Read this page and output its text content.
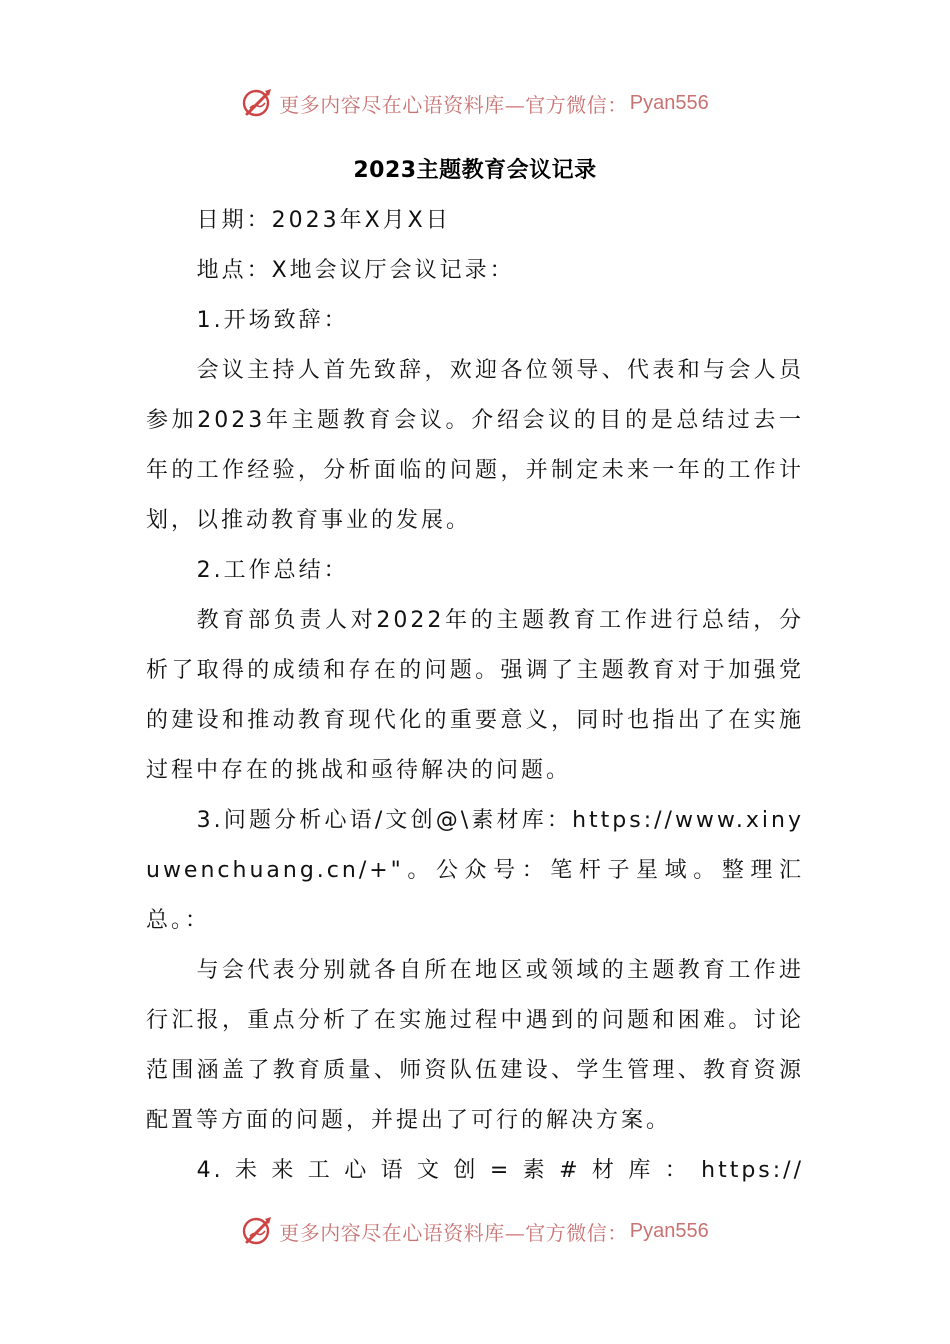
更多内容尽在心语资料库—官方微信： Pyan556
2023主题教育会议记录

日期：2023年X月X日

地点：X地会议厅会议记录：

1.开场致辞：

会议主持人首先致辞，欢迎各位领导、代表和与会人员参加2023年主题教育会议。介绍会议的目的是总结过去一年的工作经验，分析面临的问题，并制定未来一年的工作计划，以推动教育事业的发展。

2.工作总结：

教育部负责人对2022年的主题教育工作进行总结，分析了取得的成绩和存在的问题。强调了主题教育对于加强党的建设和推动教育现代化的重要意义，同时也指出了在实施过程中存在的挑战和亟待解决的问题。

3.问题分析心语/文创@\素材库：https://www.xinyuwenchuang.cn/+"。公众号：笔杆子星域。整理汇总。：

与会代表分别就各自所在地区或领域的主题教育工作进行汇报，重点分析了在实施过程中遇到的问题和困难。讨论范围涵盖了教育质量、师资队伍建设、学生管理、教育资源配置等方面的问题，并提出了可行的解决方案。

4.未来工心语文创=素#材库：https://

更多内容尽在心语资料库—官方微信： Pyan556
